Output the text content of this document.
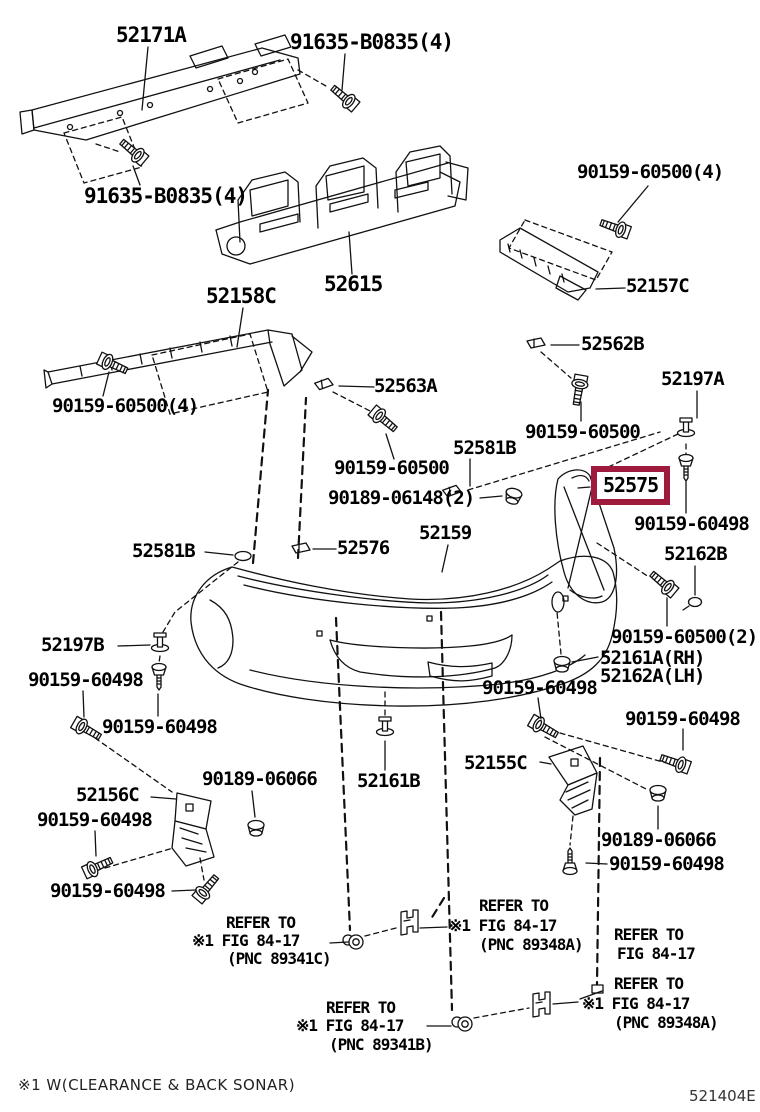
52171A	91635-B0835(4)
91635-B0835(4)
90159-60500(4)
52615	52157C
52158C
52562B
52197A
90159-60500(4)
52563A
90159-60500
52581B
90159-60500
90189-06148(2)
52575
90159-60498
52159
52576
52581B	52162B
90159-60500(2)
52161A(RH)
52162A(LH)
52197B
90159-60498
90159-60498
90159-60498
90189-06066
52156C
52161B
52155C
90159-60498
90159-60498
90159-60498
90189-06066
90159-60498
REFER TO
※1 FIG 84-17
(PNC 89341C)
REFER TO
※1 FIG 84-17
(PNC 89348A)
REFER TO
FIG 84-17
REFER TO
※1 FIG 84-17
(PNC 89348A)
REFER TO
※1 FIG 84-17
(PNC 89341B)
※1 W(CLEARANCE & BACK SONAR)
521404E
